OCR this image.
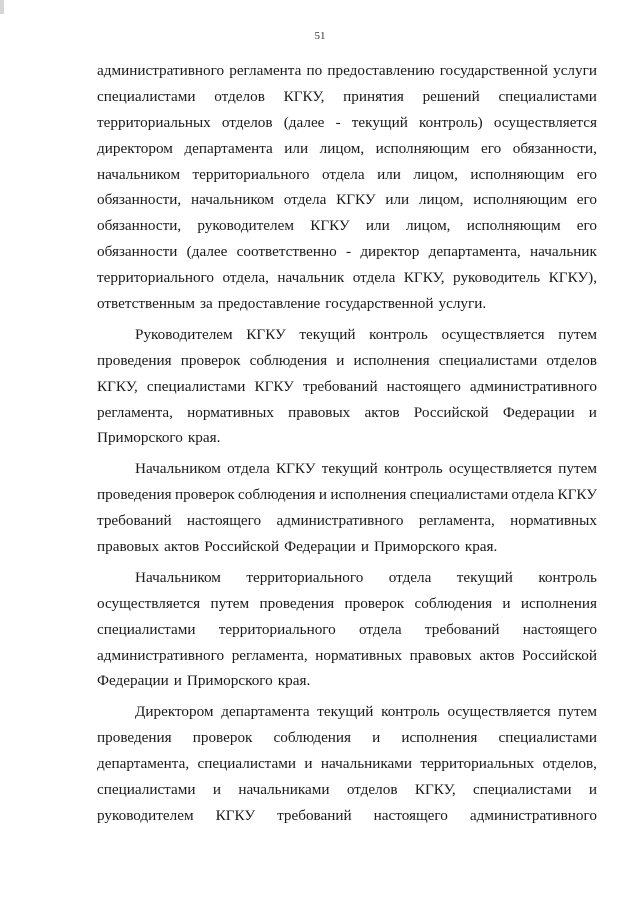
51
административного регламента по предоставлению государственной услуги
специалистами отделов КГКУ, принятия решений специалистами
территориальных отделов (далее - текущий контроль) осуществляется
директором департамента или лицом, исполняющим его обязанности,
начальником территориального отдела или лицом, исполняющим его
обязанности, начальником отдела КГКУ или лицом, исполняющим его
обязанности, руководителем КГКУ или лицом, исполняющим его
обязанности (далее соответственно - директор департамента, начальник
территориального отдела, начальник отдела КГКУ, руководитель КГКУ),
ответственным за предоставление государственной услуги.
Руководителем КГКУ текущий контроль осуществляется путем
проведения проверок соблюдения и исполнения специалистами отделов
КГКУ, специалистами КГКУ требований настоящего административного
регламента, нормативных правовых актов Российской Федерации и
Приморского края.
Начальником отдела КГКУ текущий контроль осуществляется путем
проведения проверок соблюдения и исполнения специалистами отдела КГКУ
требований настоящего административного регламента, нормативных
правовых актов Российской Федерации и Приморского края.
Начальником территориального отдела текущий контроль
осуществляется путем проведения проверок соблюдения и исполнения
специалистами территориального отдела требований настоящего
административного регламента, нормативных правовых актов Российской
Федерации и Приморского края.
Директором департамента текущий контроль осуществляется путем
проведения проверок соблюдения и исполнения специалистами
департамента, специалистами и начальниками территориальных отделов,
специалистами и начальниками отделов КГКУ, специалистами и
руководителем КГКУ требований настоящего административного
